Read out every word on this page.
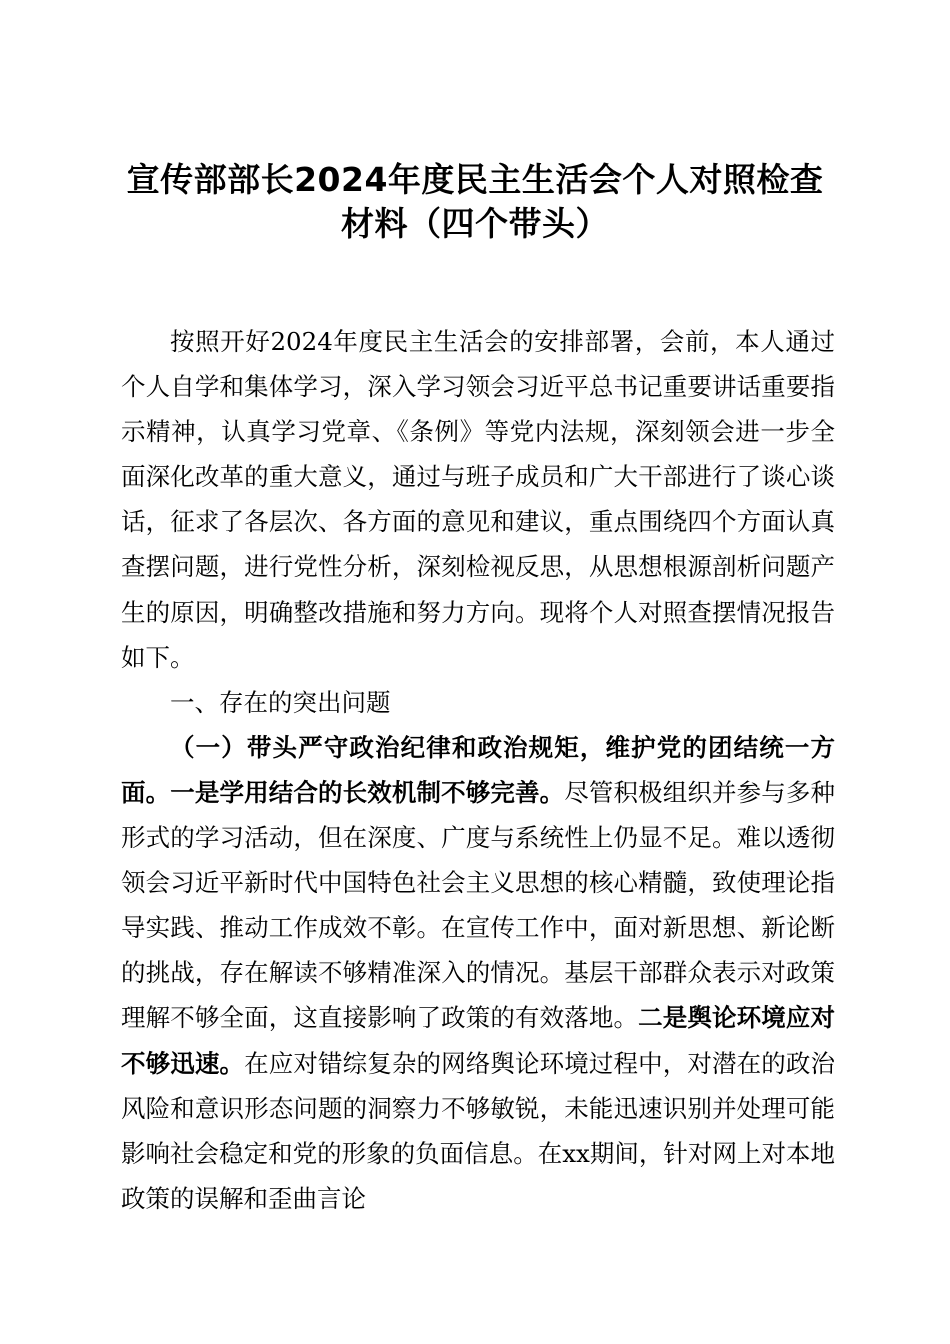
宣传部部长2024年度民主生活会个人对照检查材料（四个带头）

按照开好2024年度民主生活会的安排部署，会前，本人通过个人自学和集体学习，深入学习领会习近平总书记重要讲话重要指示精神，认真学习党章、《条例》等党内法规，深刻领会进一步全面深化改革的重大意义，通过与班子成员和广大干部进行了谈心谈话，征求了各层次、各方面的意见和建议，重点围绕四个方面认真查摆问题，进行党性分析，深刻检视反思，从思想根源剖析问题产生的原因，明确整改措施和努力方向。现将个人对照查摆情况报告如下。

一、存在的突出问题

（一）带头严守政治纪律和政治规矩，维护党的团结统一方面。一是学用结合的长效机制不够完善。尽管积极组织并参与多种形式的学习活动，但在深度、广度与系统性上仍显不足。难以透彻领会习近平新时代中国特色社会主义思想的核心精髓，致使理论指导实践、推动工作成效不彰。在宣传工作中，面对新思想、新论断的挑战，存在解读不够精准深入的情况。基层干部群众表示对政策理解不够全面，这直接影响了政策的有效落地。二是舆论环境应对不够迅速。在应对错综复杂的网络舆论环境过程中，对潜在的政治风险和意识形态问题的洞察力不够敏锐，未能迅速识别并处理可能影响社会稳定和党的形象的负面信息。在xx期间，针对网上对本地政策的误解和歪曲言论
